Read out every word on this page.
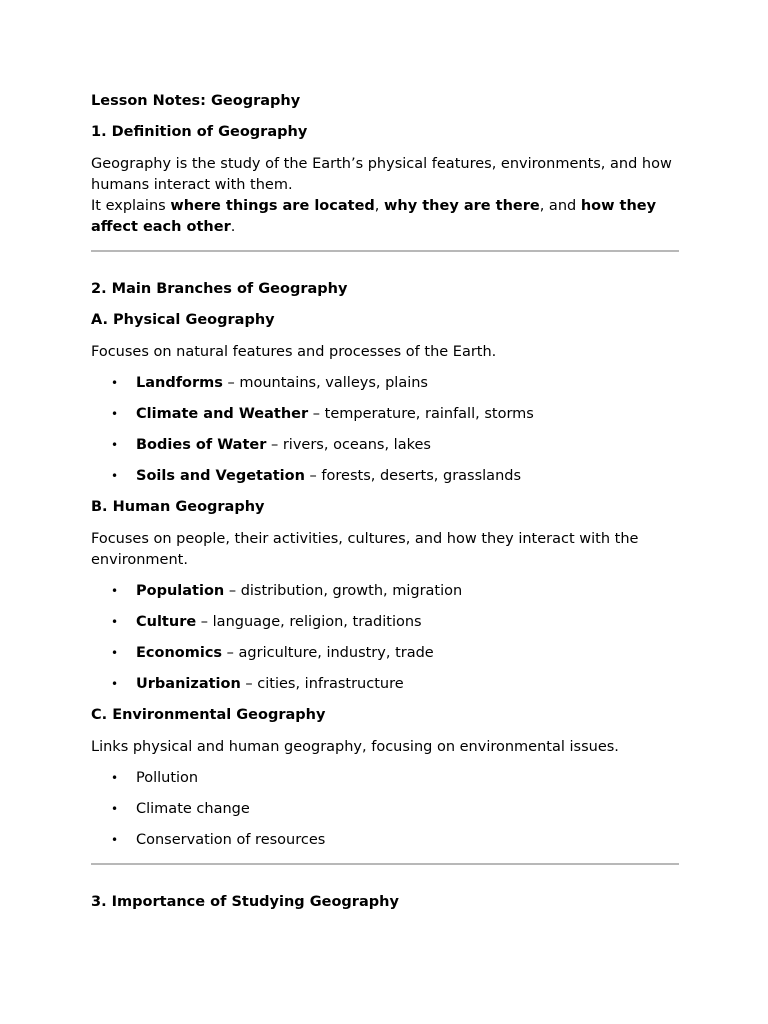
Lesson Notes: Geography

1. Definition of Geography

Geography is the study of the Earth’s physical features, environments, and how humans interact with them.
It explains where things are located, why they are there, and how they affect each other.

2. Main Branches of Geography

A. Physical Geography

Focuses on natural features and processes of the Earth.

• Landforms – mountains, valleys, plains
• Climate and Weather – temperature, rainfall, storms
• Bodies of Water – rivers, oceans, lakes
• Soils and Vegetation – forests, deserts, grasslands

B. Human Geography

Focuses on people, their activities, cultures, and how they interact with the environment.

• Population – distribution, growth, migration
• Culture – language, religion, traditions
• Economics – agriculture, industry, trade
• Urbanization – cities, infrastructure

C. Environmental Geography

Links physical and human geography, focusing on environmental issues.

• Pollution
• Climate change
• Conservation of resources

3. Importance of Studying Geography
